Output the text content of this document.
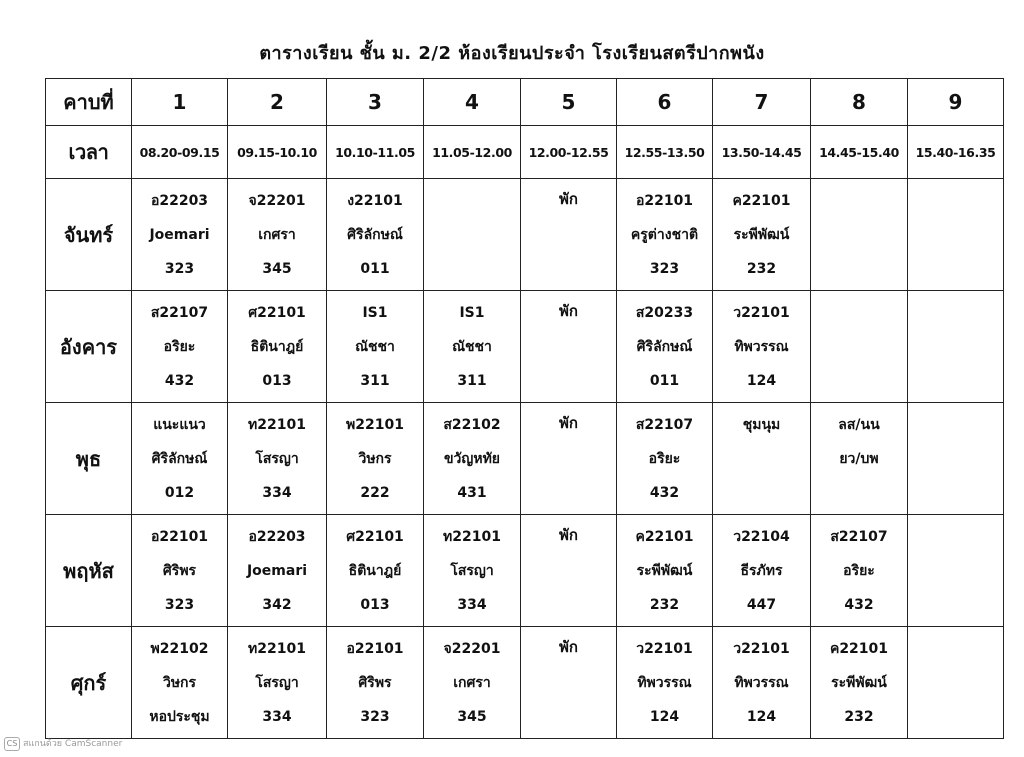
ตารางเรียน ชั้น ม. 2/2 ห้องเรียนประจำ โรงเรียนสตรีปากพนัง
คาบที่	1	2	3	4	5	6	7	8	9
เวลา	08.20-09.15	09.15-10.10	10.10-11.05	11.05-12.00	12.00-12.55	12.55-13.50	13.50-14.45	14.45-15.40	15.40-16.35
จันทร์	อ22203
Joemari
323	จ22201
เกศรา
345	ง22101
ศิริลักษณ์
011		พัก	อ22101
ครูต่างชาติ
323	ค22101
ระพีพัฒน์
232		

อังคาร	ส22107
อริยะ
432	ศ22101
ธิตินาฎย์
013	IS1
ณัชชา
311	IS1
ณัชชา
311	พัก	ส20233
ศิริลักษณ์
011	ว22101
ทิพวรรณ
124		

พุธ	แนะแนว
ศิริลักษณ์
012	ท22101
โสรญา
334	พ22101
วิษกร
222	ส22102
ขวัญหทัย
431	พัก	ส22107
อริยะ
432	ชุมนุม	ลส/นน
ยว/บพ	

พฤหัส	อ22101
ศิริพร
323	อ22203
Joemari
342	ศ22101
ธิตินาฎย์
013	ท22101
โสรญา
334	พัก	ค22101
ระพีพัฒน์
232	ว22104
ธีรภัทร
447	ส22107
อริยะ
432	

ศุกร์	พ22102
วิษกร
หอประชุม	ท22101
โสรญา
334	อ22101
ศิริพร
323	จ22201
เกศรา
345	พัก	ว22101
ทิพวรรณ
124	ว22101
ทิพวรรณ
124	ค22101
ระพีพัฒน์
232	

CS สแกนด้วย CamScanner
